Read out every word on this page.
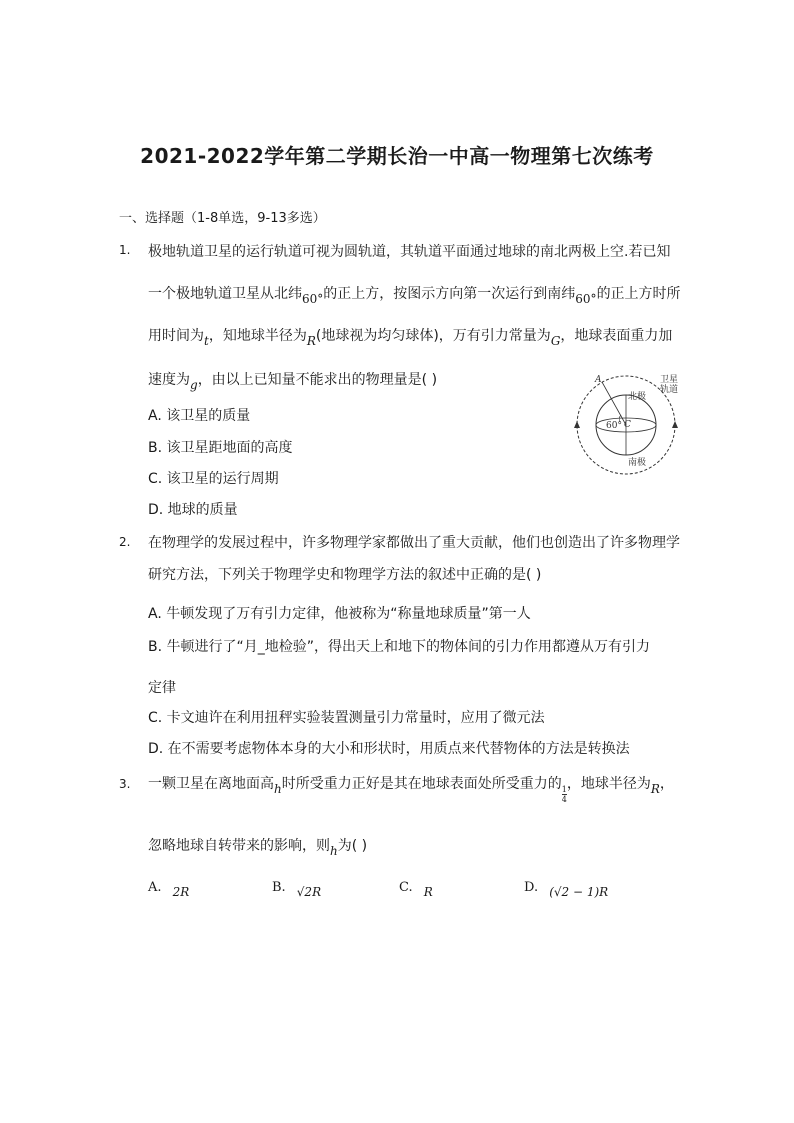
2021-2022学年第二学期长治一中高一物理第七次练考
一、选择题（1-8单选，9-13多选）
1. 极地轨道卫星的运行轨道可视为圆轨道，其轨道平面通过地球的南北两极上空.若已知
一个极地轨道卫星从北纬60°的正上方，按图示方向第一次运行到南纬60°的正上方时所
用时间为t，知地球半径为R(地球视为均匀球体)，万有引力常量为G，地球表面重力加
速度为g，由以上已知量不能求出的物理量是( )
A. 该卫星的质量
B. 该卫星距地面的高度
C. 该卫星的运行周期
D. 地球的质量
A
北极
60° C
南极
卫星
轨道
2. 在物理学的发展过程中，许多物理学家都做出了重大贡献，他们也创造出了许多物理学
研究方法，下列关于物理学史和物理学方法的叙述中正确的是( )
A. 牛顿发现了万有引力定律，他被称为“称量地球质量”第一人
B. 牛顿进行了“月_地检验”，得出天上和地下的物体间的引力作用都遵从万有引力
定律
C. 卡文迪许在利用扭秤实验装置测量引力常量时，应用了微元法
D. 在不需要考虑物体本身的大小和形状时，用质点来代替物体的方法是转换法
3. 一颗卫星在离地面高h时所受重力正好是其在地球表面处所受重力的
$\frac{1}{4}$
，地球半径为R，
忽略地球自转带来的影响，则h为( )
A. $_{2R}$	B. $_{√2R}$	C. $_R$	D. $_{(√2 - 1)R}$
